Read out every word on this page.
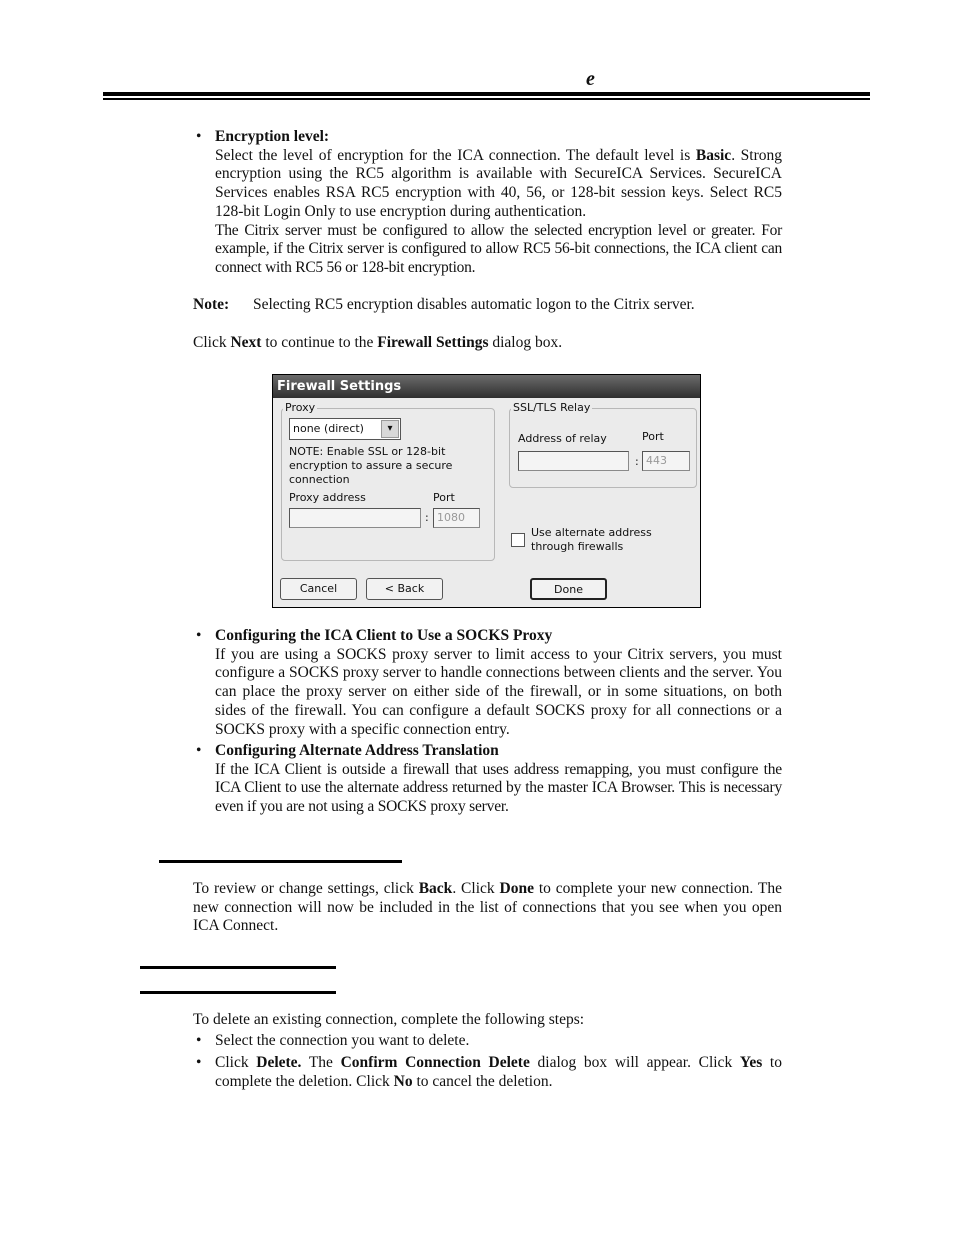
e
• Encryption level:
Select the level of encryption for the ICA connection. The default level is Basic. Strong encryption using the RC5 algorithm is available with SecureICA Services. SecureICA Services enables RSA RC5 encryption with 40, 56, or 128-bit session keys. Select RC5 128-bit Login Only to use encryption during authentication.
The Citrix server must be configured to allow the selected encryption level or greater. For example, if the Citrix server is configured to allow RC5 56-bit connections, the ICA client can connect with RC5 56 or 128-bit encryption.
Note: Selecting RC5 encryption disables automatic logon to the Citrix server.
Click Next to continue to the Firewall Settings dialog box.
Firewall Settings
Proxy
none (direct)	▾
NOTE: Enable SSL or 128-bit encryption to assure a secure connection
Proxy address	Port
: 1080
SSL/TLS Relay
Address of relay	Port
: 443
Use alternate address through firewalls
Cancel	< Back	Done
• Configuring the ICA Client to Use a SOCKS Proxy
If you are using a SOCKS proxy server to limit access to your Citrix servers, you must configure a SOCKS proxy server to handle connections between clients and the server. You can place the proxy server on either side of the firewall, or in some situations, on both sides of the firewall. You can configure a default SOCKS proxy for all connections or a SOCKS proxy with a specific connection entry.
• Configuring Alternate Address Translation
If the ICA Client is outside a firewall that uses address remapping, you must configure the ICA Client to use the alternate address returned by the master ICA Browser. This is necessary even if you are not using a SOCKS proxy server.
To review or change settings, click Back. Click Done to complete your new connection. The new connection will now be included in the list of connections that you see when you open ICA Connect.
To delete an existing connection, complete the following steps:
• Select the connection you want to delete.
• Click Delete. The Confirm Connection Delete dialog box will appear. Click Yes to complete the deletion. Click No to cancel the deletion.
